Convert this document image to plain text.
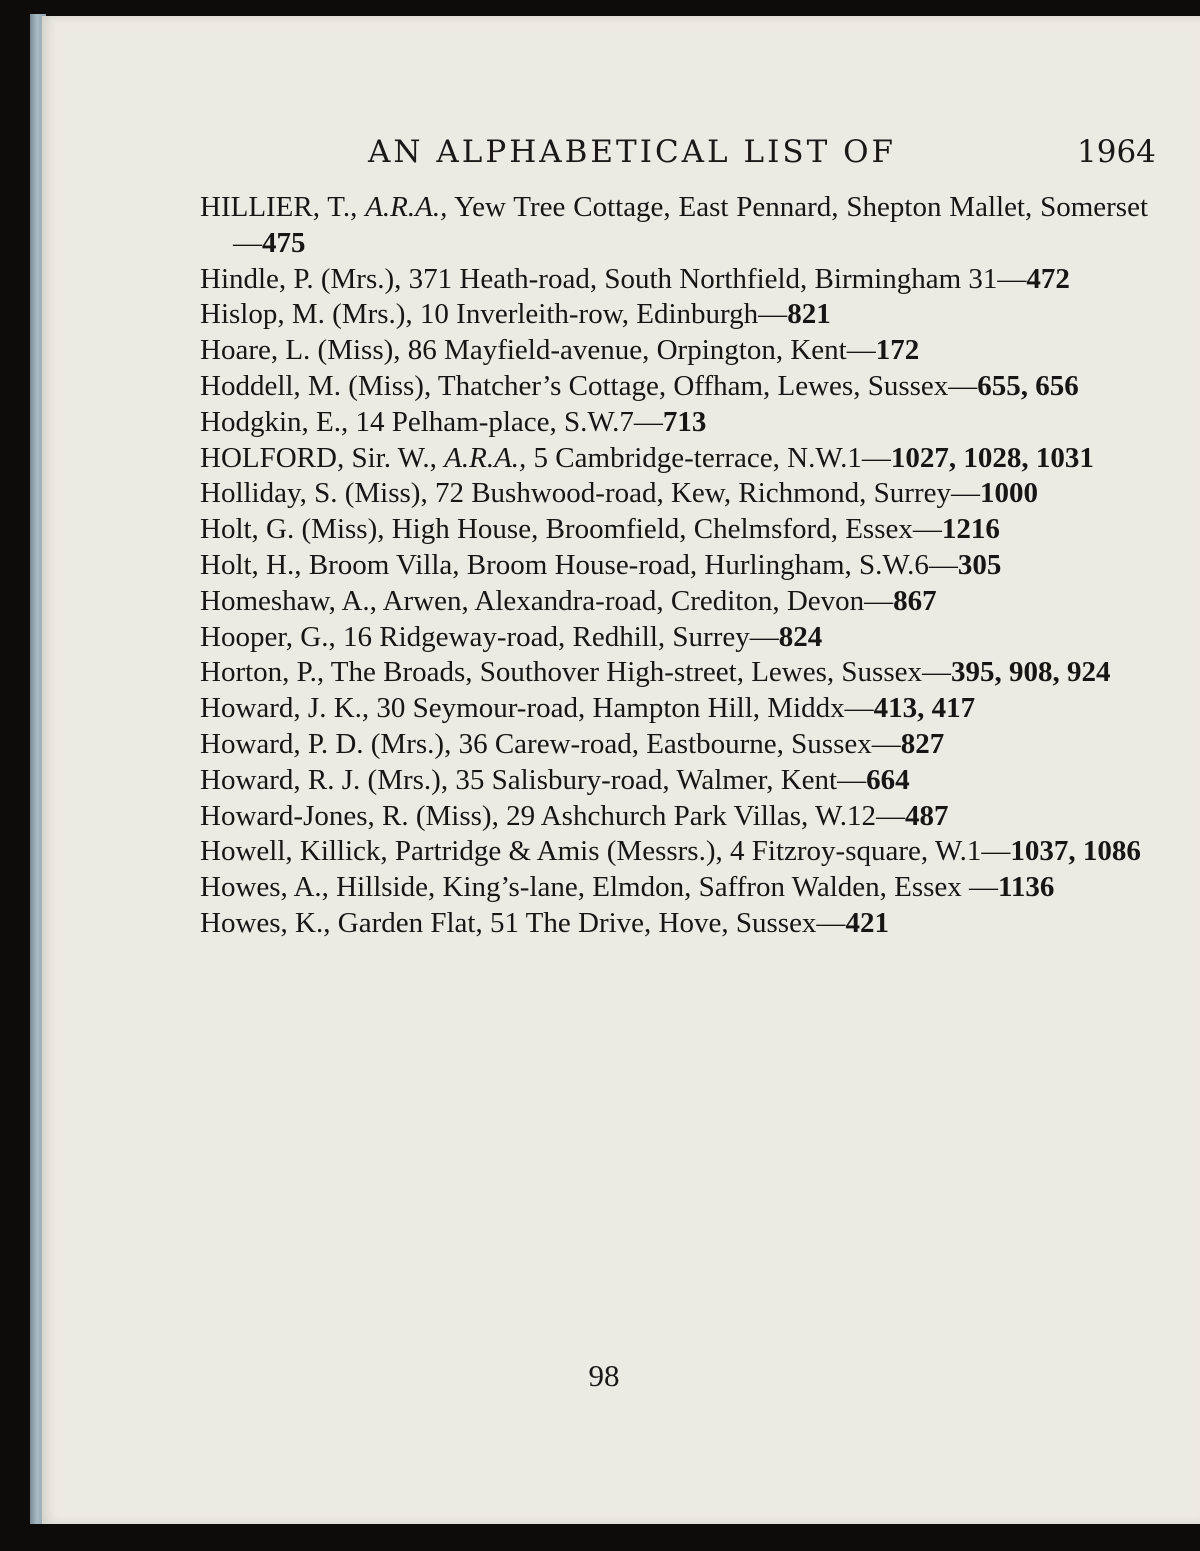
AN ALPHABETICAL LIST OF	1964
HILLIER, T., A.R.A., Yew Tree Cottage, East Pennard, Shepton Mallet, Somerset—475
Hindle, P. (Mrs.), 371 Heath-road, South Northfield, Birmingham 31—472
Hislop, M. (Mrs.), 10 Inverleith-row, Edinburgh—821
Hoare, L. (Miss), 86 Mayfield-avenue, Orpington, Kent—172
Hoddell, M. (Miss), Thatcher’s Cottage, Offham, Lewes, Sussex—655, 656
Hodgkin, E., 14 Pelham-place, S.W.7—713
HOLFORD, Sir. W., A.R.A., 5 Cambridge-terrace, N.W.1—1027, 1028, 1031
Holliday, S. (Miss), 72 Bushwood-road, Kew, Richmond, Surrey—1000
Holt, G. (Miss), High House, Broomfield, Chelmsford, Essex—1216
Holt, H., Broom Villa, Broom House-road, Hurlingham, S.W.6—305
Homeshaw, A., Arwen, Alexandra-road, Crediton, Devon—867
Hooper, G., 16 Ridgeway-road, Redhill, Surrey—824
Horton, P., The Broads, Southover High-street, Lewes, Sussex—395, 908, 924
Howard, J. K., 30 Seymour-road, Hampton Hill, Middx—413, 417
Howard, P. D. (Mrs.), 36 Carew-road, Eastbourne, Sussex—827
Howard, R. J. (Mrs.), 35 Salisbury-road, Walmer, Kent—664
Howard-Jones, R. (Miss), 29 Ashchurch Park Villas, W.12—487
Howell, Killick, Partridge & Amis (Messrs.), 4 Fitzroy-square, W.1—1037, 1086
Howes, A., Hillside, King’s-lane, Elmdon, Saffron Walden, Essex —1136
Howes, K., Garden Flat, 51 The Drive, Hove, Sussex—421
98
